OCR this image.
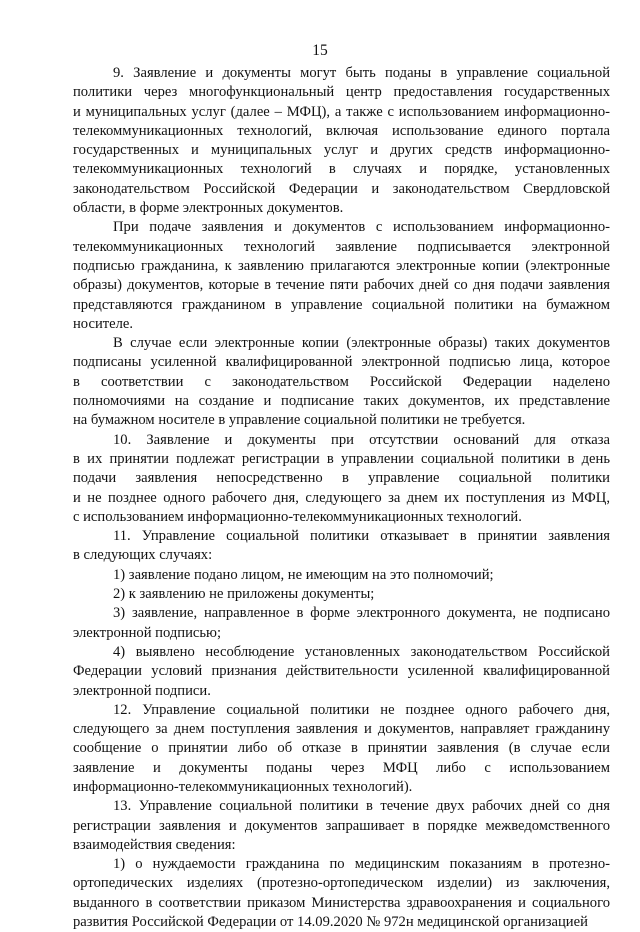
15
9. Заявление и документы могут быть поданы в управление социальной
политики через многофункциональный центр предоставления государственных
и муниципальных услуг (далее – МФЦ), а также с использованием информационно-
телекоммуникационных технологий, включая использование единого портала
государственных и муниципальных услуг и других средств информационно-
телекоммуникационных технологий в случаях и порядке, установленных
законодательством Российской Федерации и законодательством Свердловской
области, в форме электронных документов.
При подаче заявления и документов с использованием информационно-
телекоммуникационных технологий заявление подписывается электронной
подписью гражданина, к заявлению прилагаются электронные копии (электронные
образы) документов, которые в течение пяти рабочих дней со дня подачи заявления
представляются гражданином в управление социальной политики на бумажном
носителе.
В случае если электронные копии (электронные образы) таких документов
подписаны усиленной квалифицированной электронной подписью лица, которое
в соответствии с законодательством Российской Федерации наделено
полномочиями на создание и подписание таких документов, их представление
на бумажном носителе в управление социальной политики не требуется.
10. Заявление и документы при отсутствии оснований для отказа
в их принятии подлежат регистрации в управлении социальной политики в день
подачи заявления непосредственно в управление социальной политики
и не позднее одного рабочего дня, следующего за днем их поступления из МФЦ,
с использованием информационно-телекоммуникационных технологий.
11. Управление социальной политики отказывает в принятии заявления
в следующих случаях:
1) заявление подано лицом, не имеющим на это полномочий;
2) к заявлению не приложены документы;
3) заявление, направленное в форме электронного документа, не подписано
электронной подписью;
4) выявлено несоблюдение установленных законодательством Российской
Федерации условий признания действительности усиленной квалифицированной
электронной подписи.
12. Управление социальной политики не позднее одного рабочего дня,
следующего за днем поступления заявления и документов, направляет гражданину
сообщение о принятии либо об отказе в принятии заявления (в случае если
заявление и документы поданы через МФЦ либо с использованием
информационно-телекоммуникационных технологий).
13. Управление социальной политики в течение двух рабочих дней со дня
регистрации заявления и документов запрашивает в порядке межведомственного
взаимодействия сведения:
1) о нуждаемости гражданина по медицинским показаниям в протезно-
ортопедических изделиях (протезно-ортопедическом изделии) из заключения,
выданного в соответствии приказом Министерства здравоохранения и социального
развития Российской Федерации от 14.09.2020 № 972н медицинской организацией
